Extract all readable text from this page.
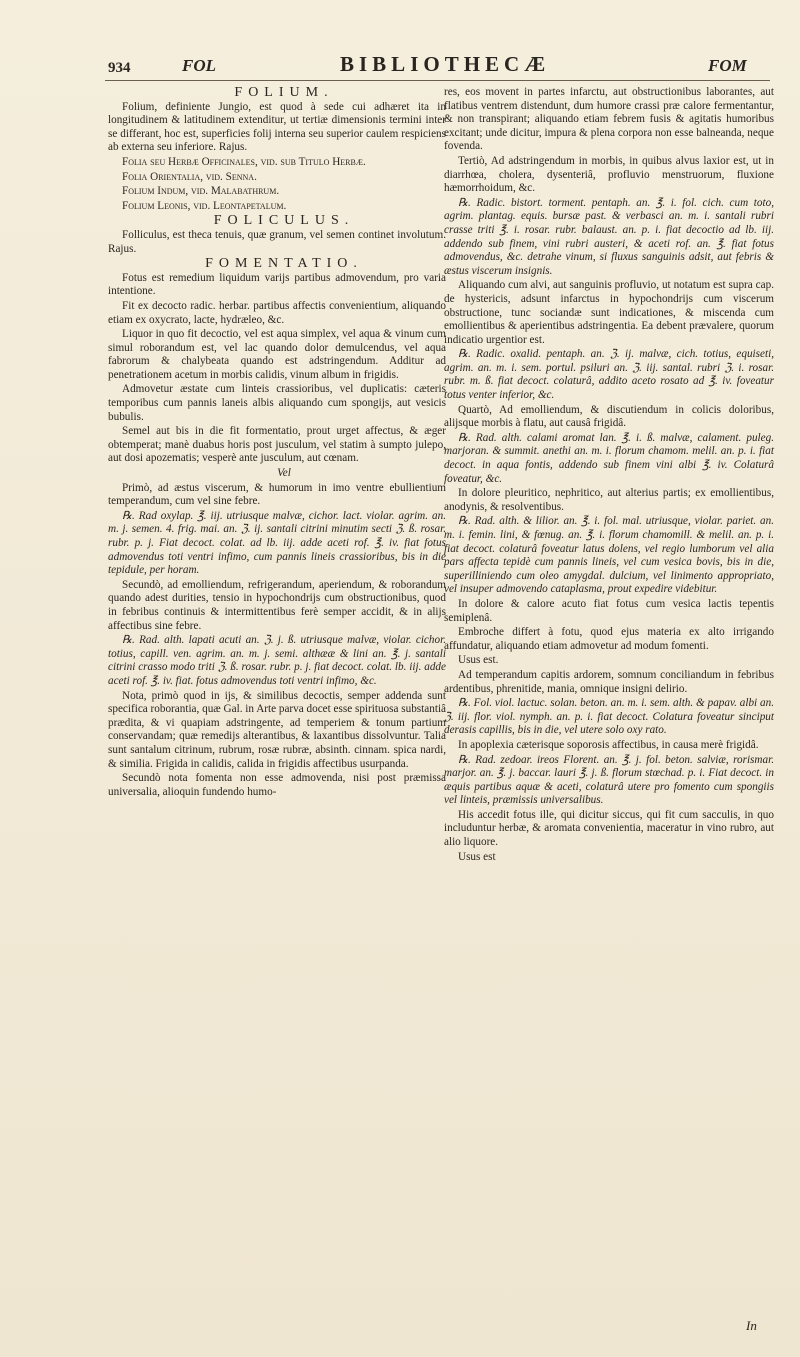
934	FOL	BIBLIOTHECÆ	FOM

FOLIUM.

Folium, definiente Jungio, est quod à sede cui adhæret ita in longitudinem & latitudinem extenditur, ut tertiæ dimensionis termini inter se differant, hoc est, superficies folij interna seu superior caulem respiciens ab externa seu inferiore. Rajus.

Folia seu Herbæ Officinales, vid. sub Titulo Herbæ.

Folia Orientalia, vid. Senna.

Folium Indum, vid. Malabathrum.

Folium Leonis, vid. Leontapetalum.

FOLICULUS.

Folliculus, est theca tenuis, quæ granum, vel semen continet involutum. Rajus.

FOMENTATIO.

Fotus est remedium liquidum varijs partibus admovendum, pro varia intentione.

Fit ex decocto radic. herbar. partibus affectis convenientium, aliquando etiam ex oxycrato, lacte, hydræleo, &c.

Liquor in quo fit decoctio, vel est aqua simplex, vel aqua & vinum cum simul roborandum est, vel lac quando dolor demulcendus, vel aqua fabrorum & chalybeata quando est adstringendum. Additur ad penetrationem acetum in morbis calidis, vinum album in frigidis.

Admovetur æstate cum linteis crassioribus, vel duplicatis: cæteris temporibus cum pannis laneis albis aliquando cum spongijs, aut vesicis bubulis.

Semel aut bis in die fit formentatio, prout urget affectus, & æger obtemperat; manè duabus horis post jusculum, vel statim à sumpto julepo, aut dosi apozematis; vesperè ante jusculum, aut cœnam.

Vel

Primò, ad æstus viscerum, & humorum in imo ventre ebullientium temperandum, cum vel sine febre.

℞. Rad oxylap. ℥. iij. utriusque malvæ, cichor. lact. violar. agrim. an. m. j. semen. 4. frig. mai. an. ℨ. ij. santali citrini minutim secti ℨ. ß. rosar. rubr. p. j. Fiat decoct. colat. ad lb. iij. adde aceti rof. ℥. iv. fiat fotus admovendus toti ventri infimo, cum pannis lineis crassioribus, bis in die tepidule, per horam.

Secundò, ad emolliendum, refrigerandum, aperiendum, & roborandum quando adest durities, tensio in hypochondrijs cum obstructionibus, quod in febribus continuis & intermittentibus ferè semper accidit, & in alijs affectibus sine febre.

℞. Rad. alth. lapati acuti an. ℨ. j. ß. utriusque malvæ, violar. cichor. totius, capill. ven. agrim. an. m. j. semi. althææ & lini an. ℥. j. santali citrini crasso modo triti ℨ. ß. rosar. rubr. p. j. fiat decoct. colat. lb. iij. adde aceti rof. ℥. iv. fiat. fotus admovendus toti ventri infimo, &c.

Nota, primò quod in ijs, & similibus decoctis, semper addenda sunt specifica roborantia, quæ Gal. in Arte parva docet esse spirituosa substantiâ prædita, & vi quapiam adstringente, ad temperiem & tonum partium conservandam; quæ remedijs alterantibus, & laxantibus dissolvuntur. Talia sunt santalum citrinum, rubrum, rosæ rubræ, absinth. cinnam. spica nardi, & similia. Frigida in calidis, calida in frigidis affectibus usurpanda.

Secundò nota fomenta non esse admovenda, nisi post præmissa universalia, alioquin fundendo humo-

res, eos movent in partes infarctu, aut obstructionibus laborantes, aut flatibus ventrem distendunt, dum humore crassi præ calore fermentantur, & non transpirant; aliquando etiam febrem fusis & agitatis humoribus excitant; unde dicitur, impura & plena corpora non esse balneanda, neque fovenda.

Tertiò, Ad adstringendum in morbis, in quibus alvus laxior est, ut in diarrhœa, cholera, dysenteriâ, profluvio menstruorum, fluxione hæmorrhoidum, &c.

℞. Radic. bistort. torment. pentaph. an. ℥. i. fol. cich. cum toto, agrim. plantag. equis. bursæ past. & verbasci an. m. i. santali rubri crasse triti ℥. i. rosar. rubr. balaust. an. p. i. fiat decoctio ad lb. iij. addendo sub finem, vini rubri austeri, & aceti rof. an. ℥. fiat fotus admovendus, &c. detrahe vinum, si fluxus sanguinis adsit, aut febris & æstus viscerum insignis.

Aliquando cum alvi, aut sanguinis profluvio, ut notatum est supra cap. de hystericis, adsunt infarctus in hypochondrijs cum viscerum obstructione, tunc sociandæ sunt indicationes, & miscenda cum emollientibus & aperientibus adstringentia. Ea debent prævalere, quorum indicatio urgentior est.

℞. Radic. oxalid. pentaph. an. ℨ. ij. malvæ, cich. totius, equiseti, agrim. an. m. i. sem. portul. psiluri an. ℨ. iij. santal. rubri ℨ. i. rosar. rubr. m. ß. fiat decoct. colaturâ, addito aceto rosato ad ℥. iv. foveatur totus venter inferior, &c.

Quartò, Ad emolliendum, & discutiendum in colicis doloribus, alijsque morbis à flatu, aut causâ frigidâ.

℞. Rad. alth. calami aromat lan. ℥. i. ß. malvæ, calament. puleg. marjoran. & summit. anethi an. m. i. florum chamom. melil. an. p. i. fiat decoct. in aqua fontis, addendo sub finem vini albi ℥. iv. Colaturâ foveatur, &c.

In dolore pleuritico, nephritico, aut alterius partis; ex emollientibus, anodynis, & resolventibus.

℞. Rad. alth. & lilior. an. ℥. i. fol. mal. utriusque, violar. pariet. an. m. i. femin. lini, & fœnug. an. ℥. i. florum chamomill. & melil. an. p. i. fiat decoct. colaturâ foveatur latus dolens, vel regio lumborum vel alia pars affecta tepidè cum pannis lineis, vel cum vesica bovis, bis in die, superilliniendo cum oleo amygdal. dulcium, vel linimento appropriato, vel insuper admovendo cataplasma, prout expedire videbitur.

In dolore & calore acuto fiat fotus cum vesica lactis tepentis semiplenâ.

Embroche differt à fotu, quod ejus materia ex alto irrigando affundatur, aliquando etiam admovetur ad modum fomenti.

Usus est.

Ad temperandum capitis ardorem, somnum conciliandum in febribus ardentibus, phrenitide, mania, omnique insigni delirio.

℞. Fol. viol. lactuc. solan. beton. an. m. i. sem. alth. & papav. albi an. ℨ. iij. flor. viol. nymph. an. p. i. fiat decoct. Colatura foveatur sinciput derasis capillis, bis in die, vel utere solo oxy rato.

In apoplexia cæterisque soporosis affectibus, in causa merè frigidâ.

℞. Rad. zedoar. ireos Florent. an. ℥. j. fol. beton. salviæ, rorismar. marjor. an. ℥. j. baccar. lauri ℥. j. ß. florum stœchad. p. i. Fiat decoct. in æquis partibus aquæ & aceti, colaturâ utere pro fomento cum spongiis vel linteis, præmissis universalibus.

His accedit fotus ille, qui dicitur siccus, qui fit cum sacculis, in quo includuntur herbæ, & aromata convenientia, maceratur in vino rubro, aut alio liquore.

Usus est

In
